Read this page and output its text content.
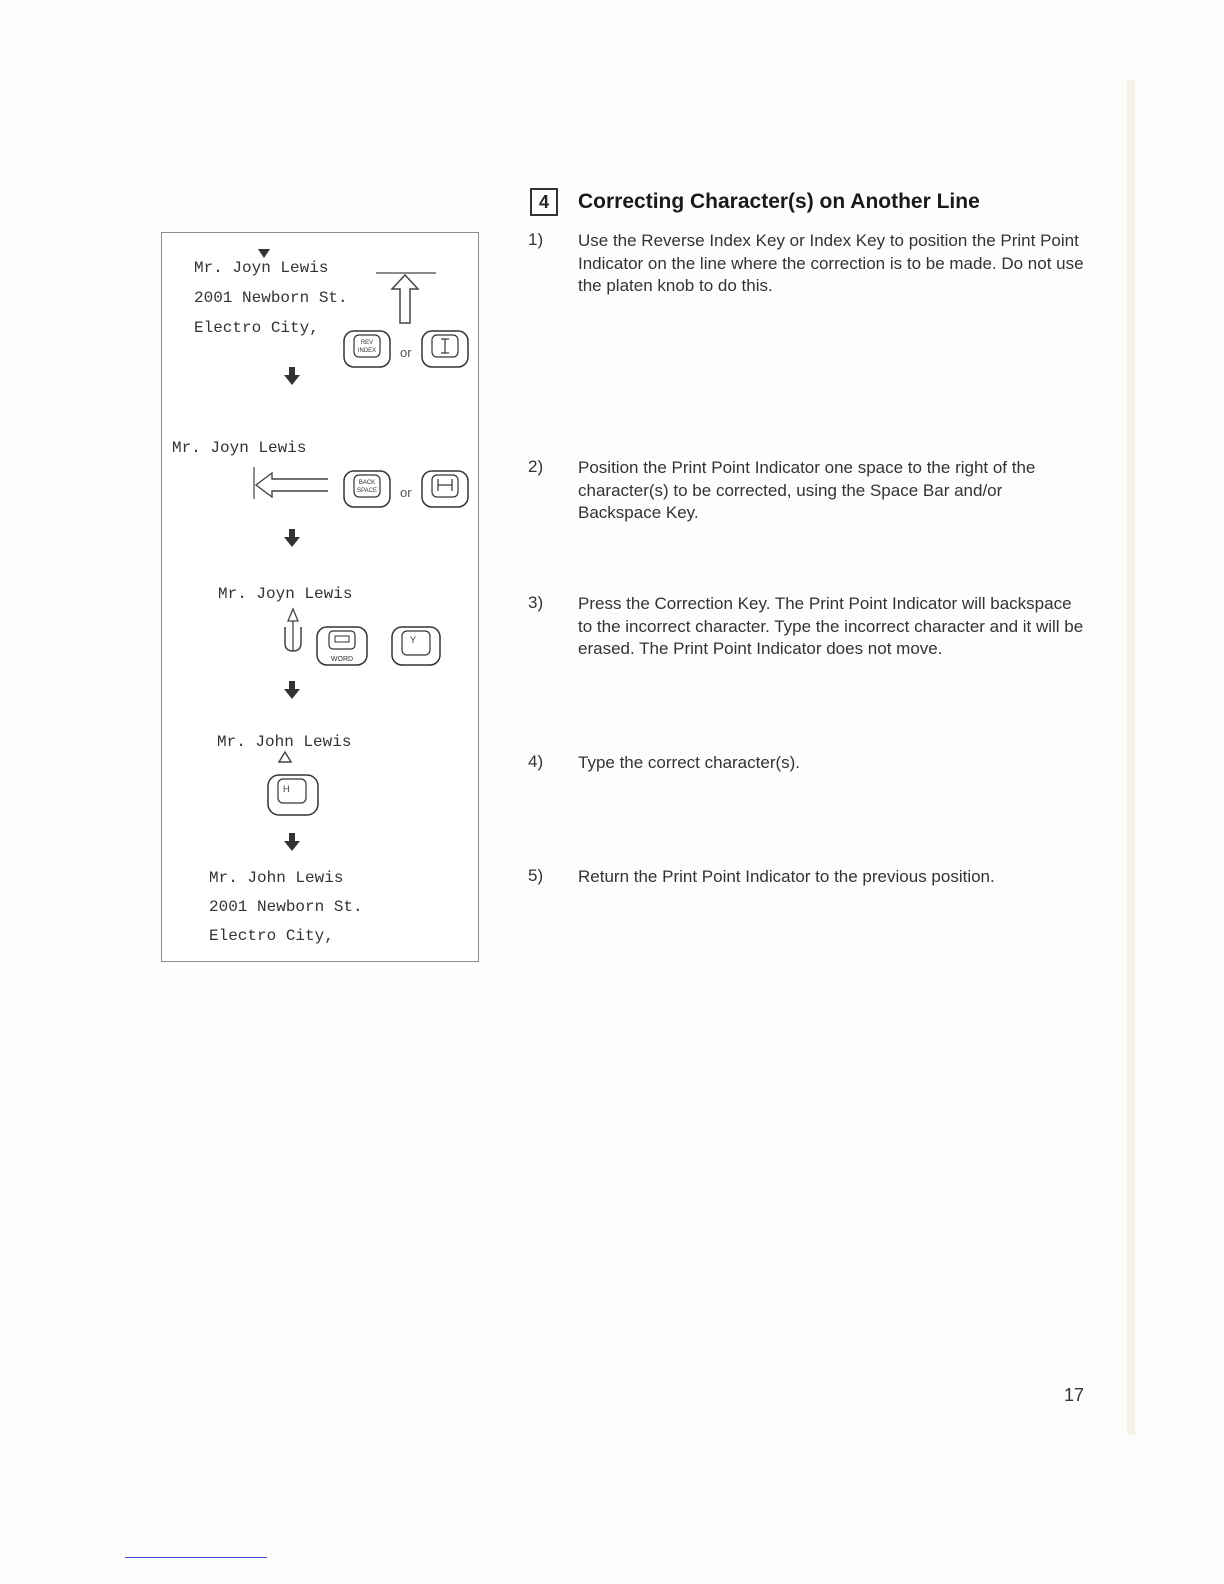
Mr. Joyn Lewis
2001 Newborn St.
Electro City,
REV
INDEX or
Mr. Joyn Lewis
BACK
SPACE or
Mr. Joyn Lewis
WORD
Y
Mr. John Lewis
H
Mr. John Lewis
2001 Newborn St.
Electro City,
4	Correcting Character(s) on Another Line
1) Use the Reverse Index Key or Index Key to position the Print Point Indicator on the line where the correction is to be made. Do not use the platen knob to do this.
2) Position the Print Point Indicator one space to the right of the character(s) to be corrected, using the Space Bar and/or Backspace Key.
3) Press the Correction Key. The Print Point Indicator will backspace to the incorrect character. Type the incorrect character and it will be erased. The Print Point Indicator does not move.
4) Type the correct character(s).
5) Return the Print Point Indicator to the previous position.
17
